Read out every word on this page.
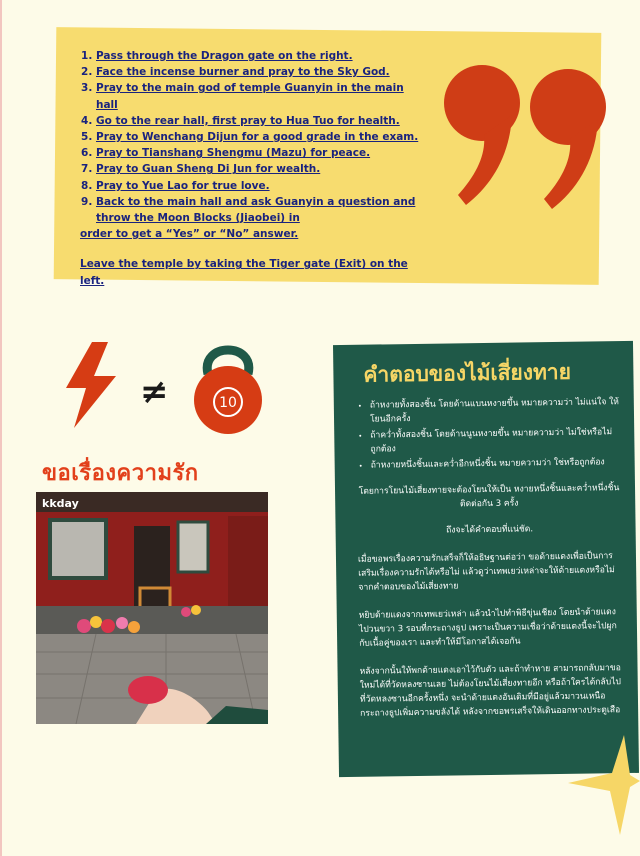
1. Pass through the Dragon gate on the right.
2. Face the incense burner and pray to the Sky God.
3. Pray to the main god of temple Guanyin in the main hall
4. Go to the rear hall, first pray to Hua Tuo for health.
5. Pray to Wenchang Dijun for a good grade in the exam.
6. Pray to Tianshang Shengmu (Mazu) for peace.
7. Pray to Guan Sheng Di Jun for wealth.
8. Pray to Yue Lao for true love.
9. Back to the main hall and ask Guanyin a question and throw the Moon Blocks (Jiaobei) in
order to get a “Yes” or “No” answer.
Leave the temple by taking the Tiger gate (Exit) on the left.
≠	10
ขอเรื่องความรัก
kkday
คำตอบของไม้เสี่ยงทาย
• ถ้าหงายทั้งสองชิ้น โดยด้านแบนหงายขึ้น หมายความว่า ไม่แน่ใจ ให้โยนอีกครั้ง
• ถ้าคว่ำทั้งสองชิ้น โดยด้านนูนหงายขึ้น หมายความว่า ไม่ใช่หรือไม่ถูกต้อง
• ถ้าหงายหนึ่งชิ้นและคว่ำอีกหนึ่งชิ้น หมายความว่า ใช่หรือถูกต้อง
โดยการโยนไม้เสี่ยงทายจะต้องโยนให้เป็น หงายหนึ่งชิ้นและคว่ำหนึ่งชิ้นติดต่อกัน 3 ครั้ง
ถึงจะได้คำตอบที่แน่ชัด.
เมื่อขอพรเรื่องความรักเสร็จก็ให้อธิษฐานต่อว่า ขอด้ายแดงเพื่อเป็นการเสริมเรื่องความรักได้หรือไม่ แล้วดูว่าเทพเยว่เหล่าจะให้ด้ายแดงหรือไม่จากคำตอบของไม้เสี่ยงทาย
หยิบด้ายแดงจากเทพเยว่เหล่า แล้วนำไปทำพิธีขุ่นเชียง โดยนำด้ายแดงไปวนขวา 3 รอบที่กระถางธูป เพราะเป็นความเชื่อว่าด้ายแดงนี้จะไปผูกกับเนื้อคู่ของเรา และทำให้มีโอกาสได้เจอกัน
หลังจากนั้นให้พกด้ายแดงเอาไว้กับตัว และถ้าทำหาย สามารถกลับมาขอใหม่ได้ที่วัดหลงซานเลย ไม่ต้องโยนไม้เสี่ยงทายอีก หรือถ้าใครได้กลับไปที่วัดหลงซานอีกครั้งหนึ่ง จะนำด้ายแดงอันเดิมที่มีอยู่แล้วมาวนเหนือกระถางธูปเพิ่มความขลังได้ หลังจากขอพรเสร็จให้เดินออกทางประตูเสือ
